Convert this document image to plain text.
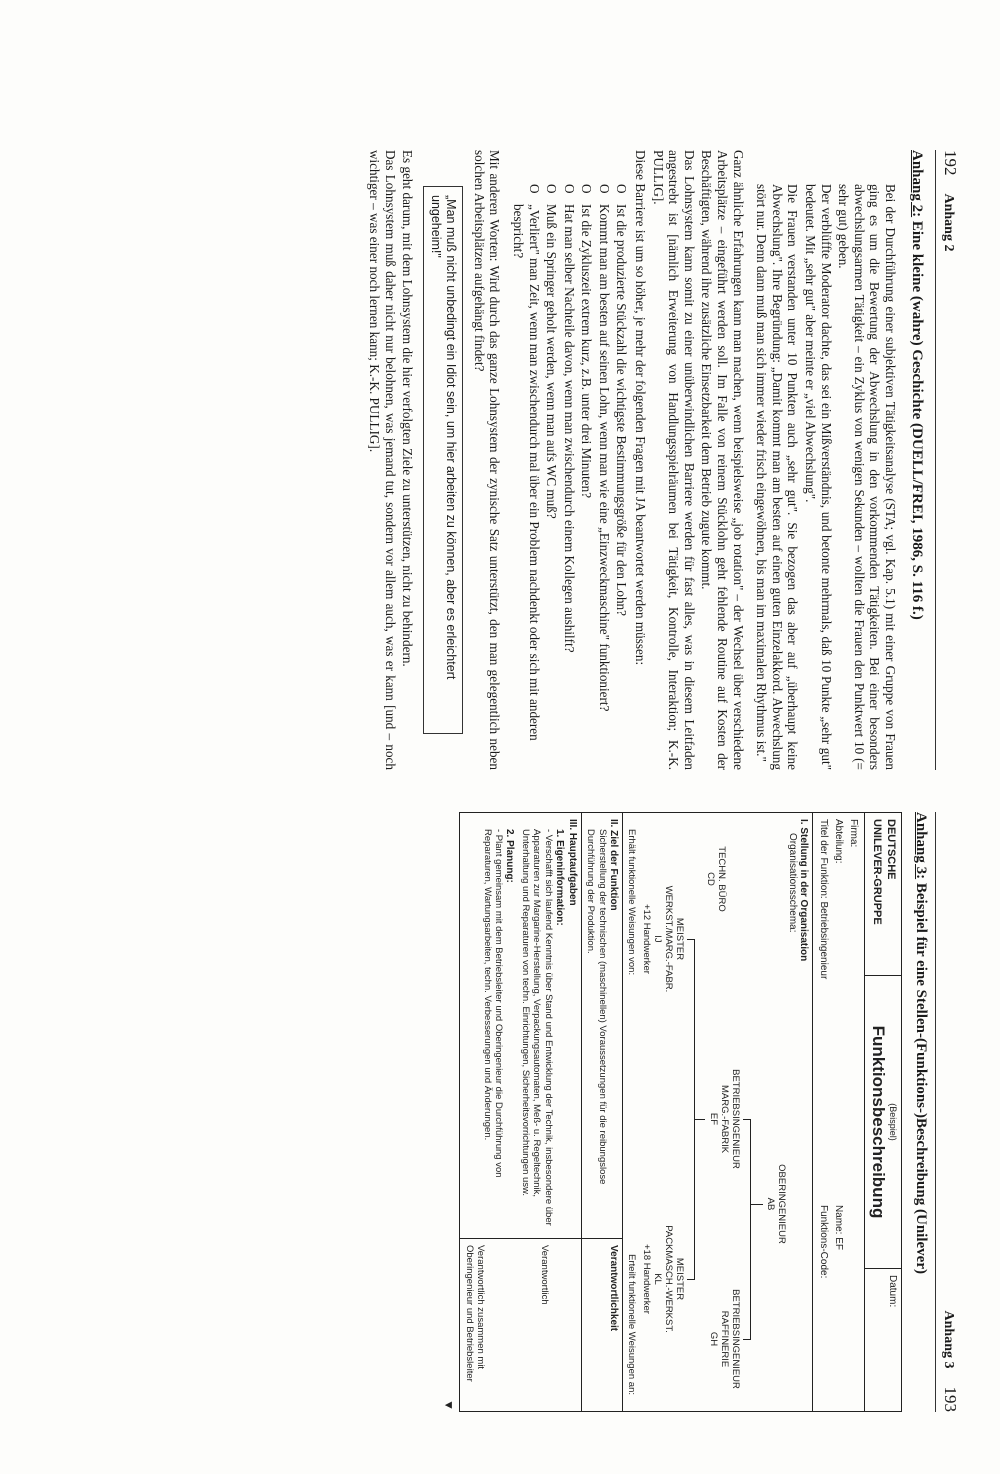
192
Anhang 2
Anhang 2: Eine kleine (wahre) Geschichte (DUELL/FREI, 1986, S. 116 f.)

Bei der Durchführung einer subjektiven Tätigkeitsanalyse (STA; vgl. Kap. 5.1) mit einer Gruppe von Frauen ging es um die Bewertung der Abwechslung in den vorkommenden Tätigkeiten. Bei einer besonders abwechslungsarmen Tätigkeit – ein Zyklus von wenigen Sekunden – wollten die Frauen den Punktwert 10 (= sehr gut) geben.

Der verblüffte Moderator dachte, das sei ein Mißverständnis, und betonte mehrmals, daß 10 Punkte „sehr gut" bedeutet. Mit „sehr gut" aber meinte er „viel Abwechslung".

Die Frauen verstanden unter 10 Punkten auch „sehr gut". Sie bezogen das aber auf „überhaupt keine Abwechslung". Ihre Begründung: „Damit kommt man am besten auf einen guten Einzelakkord. Abwechslung stört nur. Denn dann muß man sich immer wieder frisch eingewöhnen, bis man im maximalen Rhythmus ist."

Ganz ähnliche Erfahrungen kann man machen, wenn beispielsweise „job rotation" – der Wechsel über verschiedene Arbeitsplätze – eingeführt werden soll. Im Falle von reinem Stücklohn geht fehlende Routine auf Kosten der Beschäftigten, während ihre zusätzliche Einsetzbarkeit dem Betrieb zugute kommt.

Das Lohnsystem kann somit zu einer unüberwindlichen Barriere werden für fast alles, was in diesem Leitfaden angestrebt ist [nämlich Erweiterung von Handlungsspielräumen bei Tätigkeit, Kontrolle, Interaktion; K.-K. PULLIG].

Diese Barriere ist um so höher, je mehr der folgenden Fragen mit JA beantwortet werden müssen:

O
Ist die produzierte Stückzahl die wichtigste Bestimmungsgröße für den Lohn?
O
Kommt man am besten auf seinen Lohn, wenn man wie eine „Einzweckmaschine" funktioniert?
O
Ist die Zykluszeit extrem kurz, z.B. unter drei Minuten?
O
Hat man selber Nachteile davon, wenn man zwischendurch einem Kollegen aushilft?
O
Muß ein Springer geholt werden, wenn man aufs WC muß?
O
„Verliert" man Zeit, wenn man zwischendurch mal über ein Problem nachdenkt oder sich mit anderen bespricht?

Mit anderen Worten: Wird durch das ganze Lohnsystem der zynische Satz unterstützt, den man gelegentlich neben solchen Arbeitsplätzen aufgehängt findet?

„Man muß nicht unbedingt ein Idiot sein, um hier arbeiten zu können, aber es erleichtert ungeheim!"

Es geht darum, mit dem Lohnsystem die hier verfolgten Ziele zu unterstützen, nicht zu behindern.

Das Lohnsystem muß daher nicht nur belohnen, was jemand tut, sondern vor allem auch, was er kann [und – noch wichtiger – was einer noch lernen kann; K.-K. PULLIG].

Anhang 3
193
Anhang 3: Beispiel für eine Stellen-(Funktions-)Beschreibung (Unilever)
DEUTSCHE
UNILEVER-GRUPPE
(Beispiel)
Funktionsbeschreibung
Datum:
Firma:
Abteilung:
Titel der Funktion: Betriebsingenieur
Name: EF
Funktions-Code:
I. Stellung in der Organisation
Organisationsschema:
OBERINGENIEUR
AB
BETRIEBSINGENIEUR
MARG.-FABRIK
EF
BETRIEBSINGENIEUR
RAFFINERIE
GH
TECHN. BÜRO
CD
MEISTER
WERKST./MARG.-FABR.
IJ
+12 Handwerker
MEISTER
PACKMASCH.-WERKST.
KL
+18 Handwerker
Erhält funktionelle Weisungen von:
Erteilt funktionelle Weisungen an:
II. Ziel der Funktion
Sicherstellung der technischen (maschinellen) Voraussetzungen für die reibungslose Durchführung der Produktion.
Verantwortlichkeit
III. Hauptaufgaben
1. Eigeninformation:
- Verschafft sich laufend Kenntnis über Stand und Entwicklung der Technik, insbesondere über Apparaturen zur Margarine-Herstellung, Verpackungsautomaten, Meß- u. Regeltechnik, Unterhaltung und Reparaturen von techn. Einrichtungen, Sicherheitsvorrichtungen usw.
2. Planung:
- Plant gemeinsam mit dem Betriebsleiter und Oberingenieur die Durchführung von Reparaturen, Wartungsarbeiten, techn. Verbesserungen und Änderungen.
Verantwortlich
Verantwortlich zusammen mit Oberingenieur und Betriebsleiter
▼
